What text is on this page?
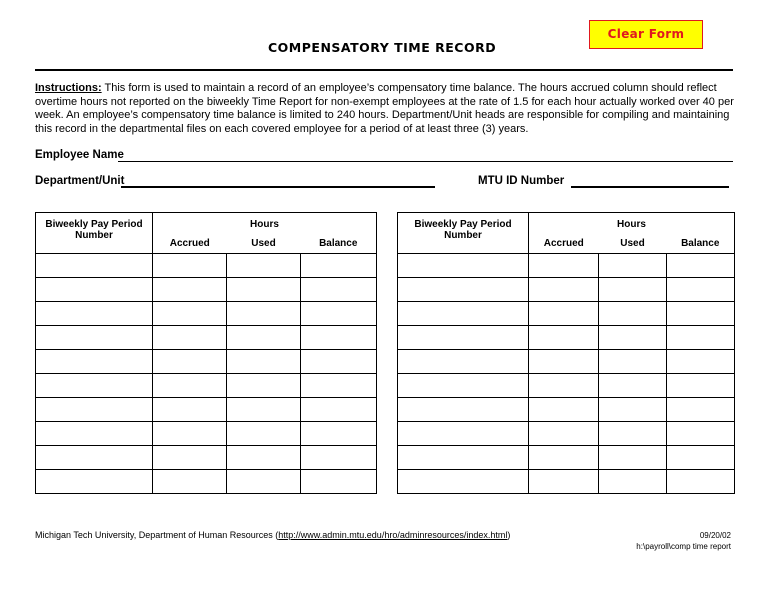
Clear Form
COMPENSATORY TIME RECORD
Instructions: This form is used to maintain a record of an employee’s compensatory time balance. The hours accrued column should reflect overtime hours not reported on the biweekly Time Report for non-exempt employees at the rate of 1.5 for each hour actually worked over 40 per week. An employee’s compensatory time balance is limited to 240 hours. Department/Unit heads are responsible for compiling and maintaining this record in the departmental files on each covered employee for a period of at least three (3) years.
Employee Name
Department/Unit	MTU ID Number
Biweekly Pay Period Number	Hours		
	Accrued	Used	Balance

Biweekly Pay Period Number	Hours		
	Accrued	Used	Balance

Michigan Tech University, Department of Human Resources (http://www.admin.mtu.edu/hro/adminresources/index.html)	09/20/02
h:\payroll\comp time report
